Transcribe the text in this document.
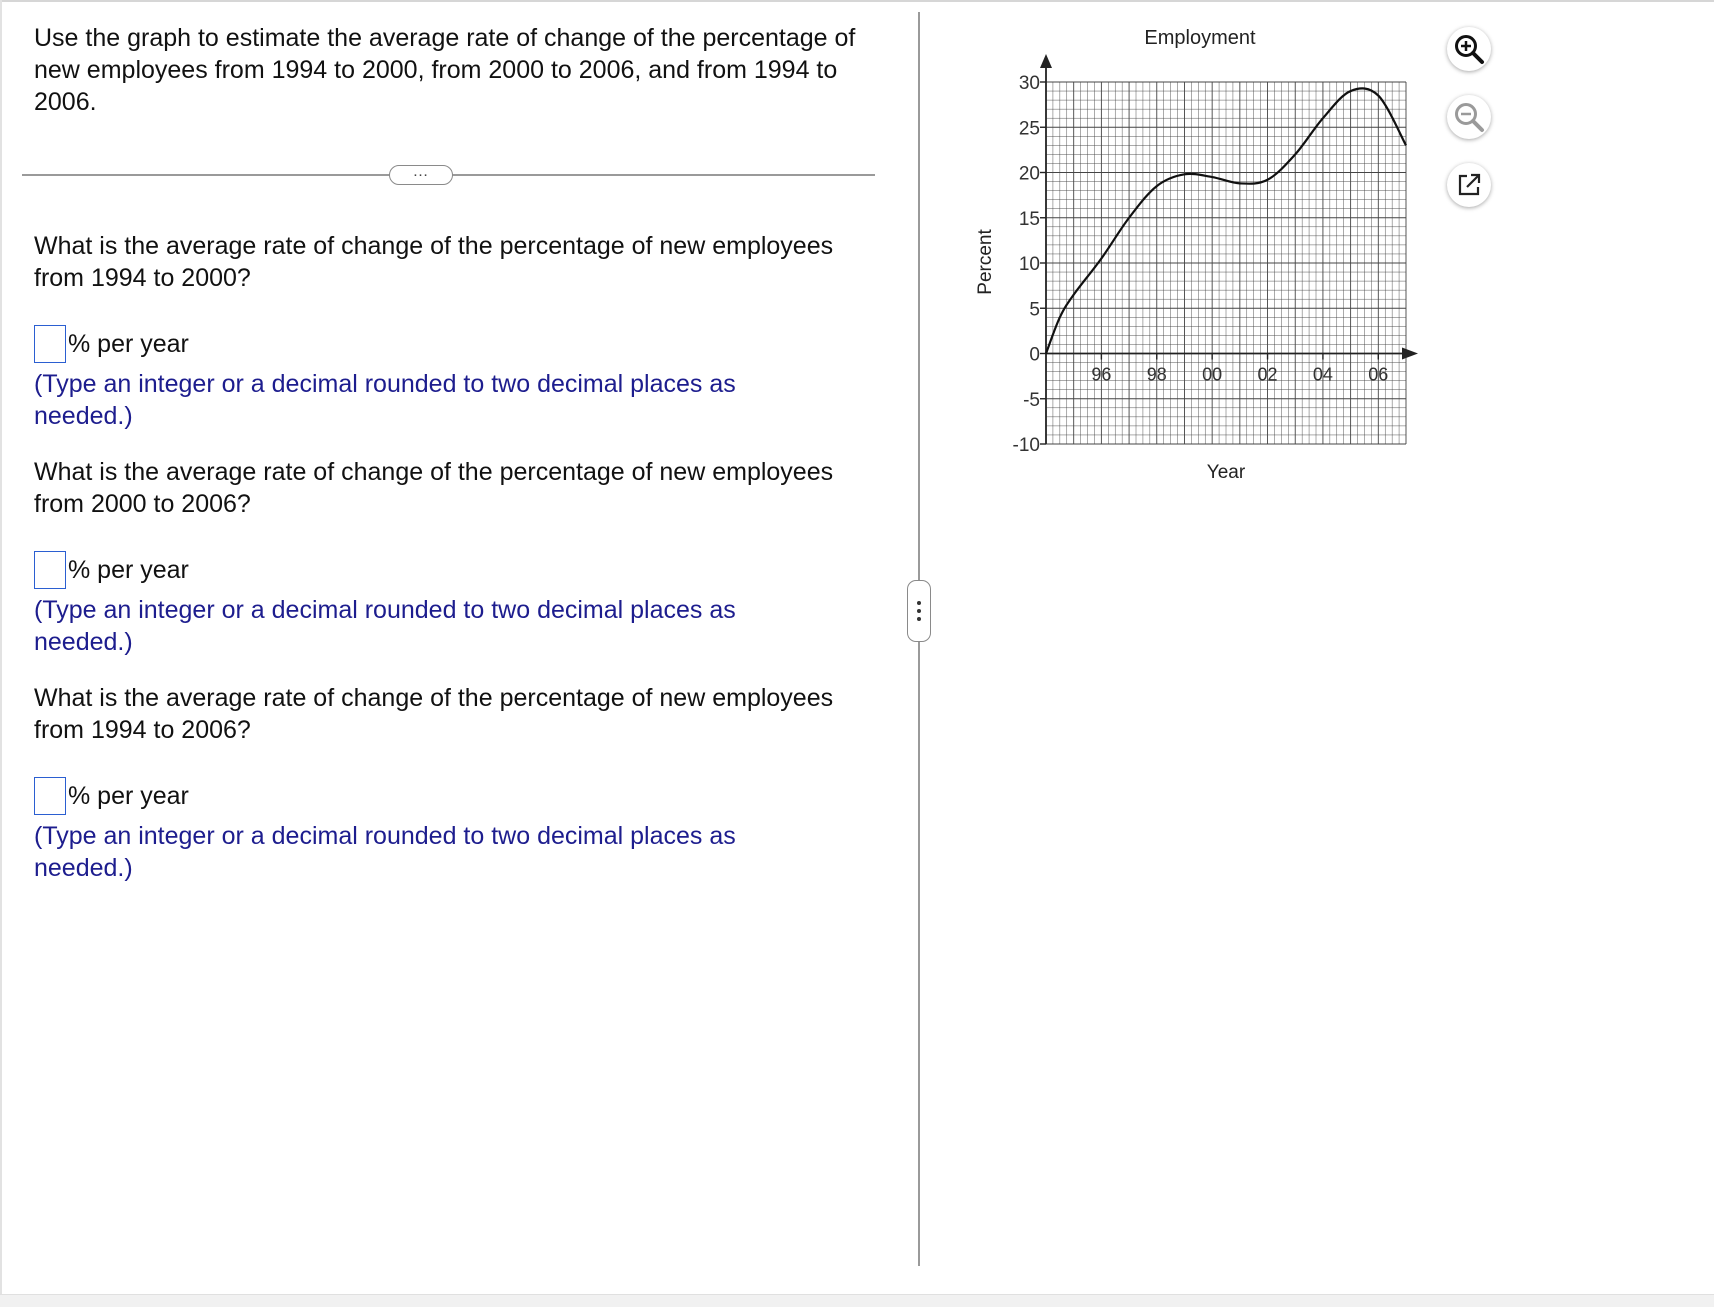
Use the graph to estimate the average rate of change of the percentage of new employees from 1994 to 2000, from 2000 to 2006, and from 1994 to 2006.
…
What is the average rate of change of the percentage of new employees from 1994 to 2000?
% per year
(Type an integer or a decimal rounded to two decimal places as needed.)
What is the average rate of change of the percentage of new employees from 2000 to 2006?
% per year
(Type an integer or a decimal rounded to two decimal places as needed.)
What is the average rate of change of the percentage of new employees from 1994 to 2006?
% per year
(Type an integer or a decimal rounded to two decimal places as needed.)
Employment
Year
Percent
-10
-5
0
5
10
15
20
25
30
96 98 00 02 04 06
